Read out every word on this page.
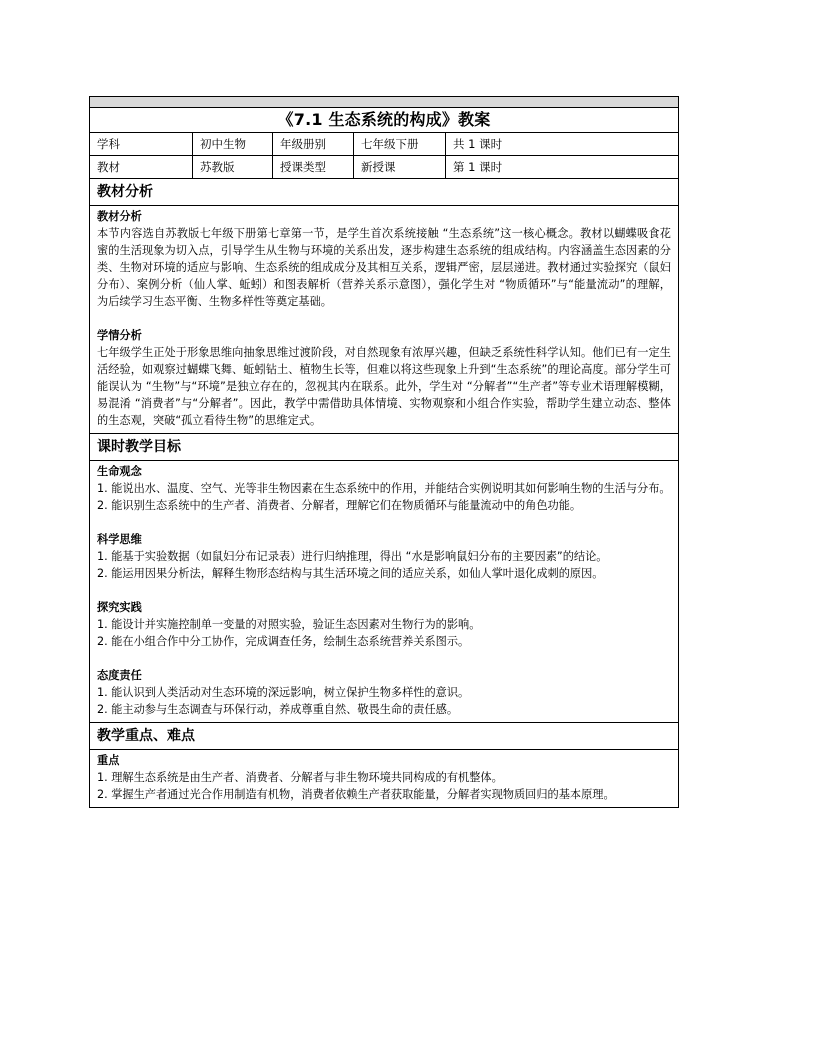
《7.1 生态系统的构成》教案
学科	初中生物	年级册别	七年级下册	共 1 课时
教材	苏教版	授课类型	新授课	第 1 课时
教材分析
教材分析
本节内容选自苏教版七年级下册第七章第一节，是学生首次系统接触 “生态系统”这一核心概念。教材以蝴蝶吸食花蜜的生活现象为切入点，引导学生从生物与环境的关系出发，逐步构建生态系统的组成结构。内容涵盖生态因素的分类、生物对环境的适应与影响、生态系统的组成成分及其相互关系，逻辑严密，层层递进。教材通过实验探究（鼠妇分布）、案例分析（仙人掌、蚯蚓）和图表解析（营养关系示意图），强化学生对 “物质循环”与“能量流动”的理解，为后续学习生态平衡、生物多样性等奠定基础。
学情分析
七年级学生正处于形象思维向抽象思维过渡阶段，对自然现象有浓厚兴趣，但缺乏系统性科学认知。他们已有一定生活经验，如观察过蝴蝶飞舞、蚯蚓钻土、植物生长等，但难以将这些现象上升到“生态系统”的理论高度。部分学生可能误认为 “生物”与“环境”是独立存在的，忽视其内在联系。此外，学生对 “分解者”“生产者”等专业术语理解模糊，易混淆 “消费者”与“分解者”。因此，教学中需借助具体情境、实物观察和小组合作实验，帮助学生建立动态、整体的生态观，突破“孤立看待生物”的思维定式。
课时教学目标
生命观念
1. 能说出水、温度、空气、光等非生物因素在生态系统中的作用，并能结合实例说明其如何影响生物的生活与分布。
2. 能识别生态系统中的生产者、消费者、分解者，理解它们在物质循环与能量流动中的角色功能。
科学思维
1. 能基于实验数据（如鼠妇分布记录表）进行归纳推理，得出 “水是影响鼠妇分布的主要因素”的结论。
2. 能运用因果分析法，解释生物形态结构与其生活环境之间的适应关系，如仙人掌叶退化成刺的原因。
探究实践
1. 能设计并实施控制单一变量的对照实验，验证生态因素对生物行为的影响。
2. 能在小组合作中分工协作，完成调查任务，绘制生态系统营养关系图示。
态度责任
1. 能认识到人类活动对生态环境的深远影响，树立保护生物多样性的意识。
2. 能主动参与生态调查与环保行动，养成尊重自然、敬畏生命的责任感。
教学重点、难点
重点
1. 理解生态系统是由生产者、消费者、分解者与非生物环境共同构成的有机整体。
2. 掌握生产者通过光合作用制造有机物，消费者依赖生产者获取能量，分解者实现物质回归的基本原理。
